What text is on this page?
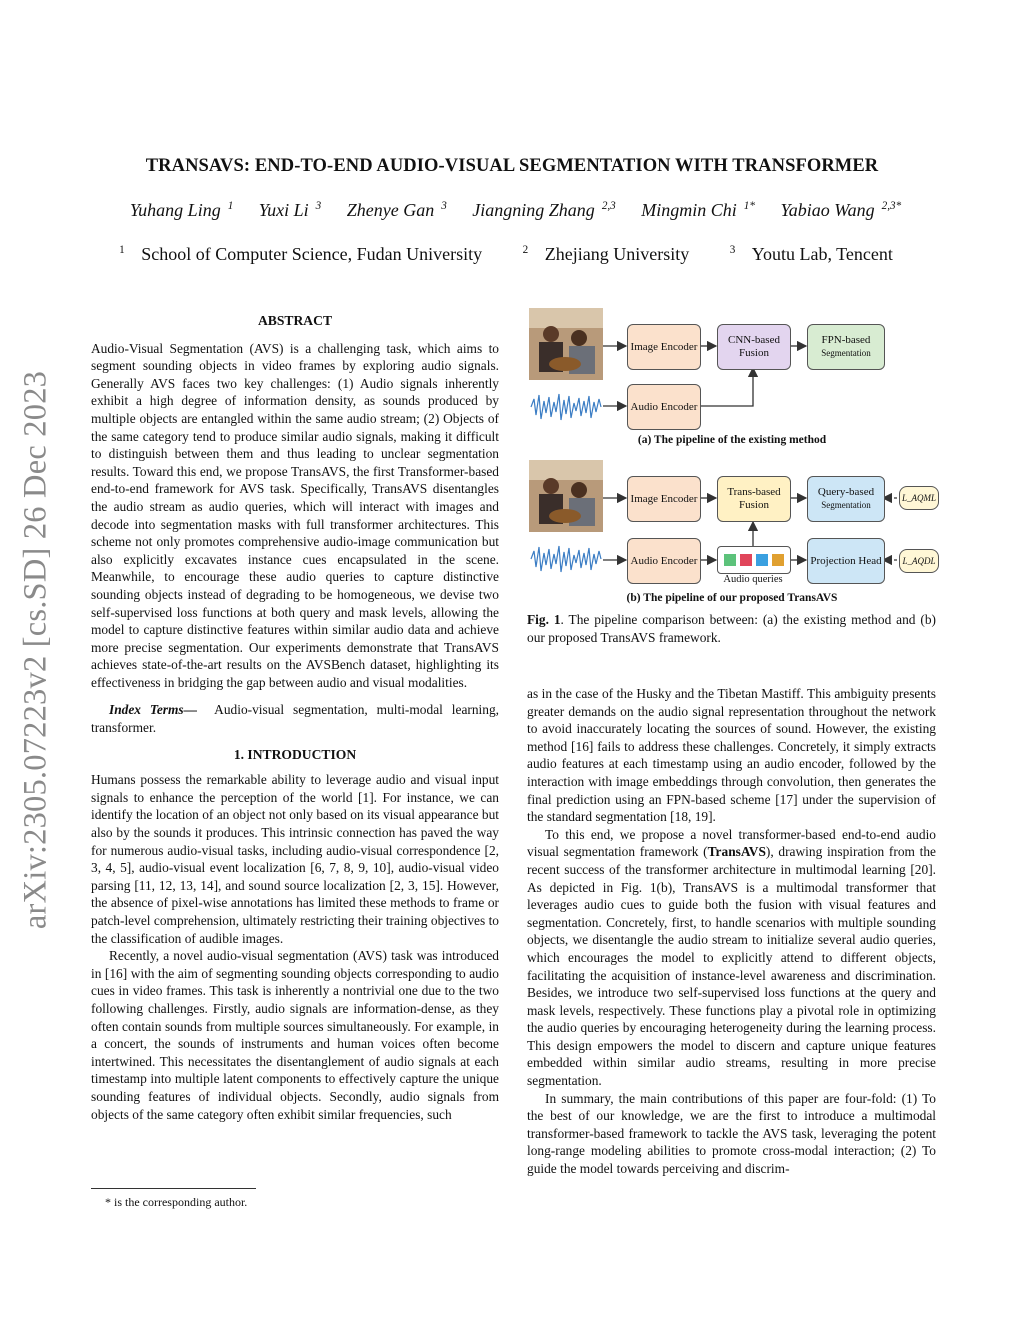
arXiv:2305.07223v2 [cs.SD] 26 Dec 2023
TRANSAVS: END-TO-END AUDIO-VISUAL SEGMENTATION WITH TRANSFORMER
Yuhang Ling $^1$ Yuxi Li $^3$ Zhenye Gan $^3$ Jiangning Zhang $^{2,3}$ Mingmin Chi $^{1*}$ Yabiao Wang $^{2,3*}$
$^1$ School of Computer Science, Fudan University	$^2$ Zhejiang University	$^3$ Youtu Lab, Tencent

ABSTRACT

Audio-Visual Segmentation (AVS) is a challenging task, which aims to segment sounding objects in video frames by exploring audio signals. Generally AVS faces two key challenges: (1) Audio signals inherently exhibit a high degree of information density, as sounds produced by multiple objects are entangled within the same audio stream; (2) Objects of the same category tend to produce similar audio signals, making it difficult to distinguish between them and thus leading to unclear segmentation results. Toward this end, we propose TransAVS, the first Transformer-based end-to-end framework for AVS task. Specifically, TransAVS disentangles the audio stream as audio queries, which will interact with images and decode into segmentation masks with full transformer architectures. This scheme not only promotes comprehensive audio-image communication but also explicitly excavates instance cues encapsulated in the scene. Meanwhile, to encourage these audio queries to capture distinctive sounding objects instead of degrading to be homogeneous, we devise two self-supervised loss functions at both query and mask levels, allowing the model to capture distinctive features within similar audio data and achieve more precise segmentation. Our experiments demonstrate that TransAVS achieves state-of-the-art results on the AVSBench dataset, highlighting its effectiveness in bridging the gap between audio and visual modalities.

Index Terms— Audio-visual segmentation, multi-modal learning, transformer.

1. INTRODUCTION

Humans possess the remarkable ability to leverage audio and visual input signals to enhance the perception of the world [1]. For instance, we can identify the location of an object not only based on its visual appearance but also by the sounds it produces. This intrinsic connection has paved the way for numerous audio-visual tasks, including audio-visual correspondence [2, 3, 4, 5], audio-visual event localization [6, 7, 8, 9, 10], audio-visual video parsing [11, 12, 13, 14], and sound source localization [2, 3, 15]. However, the absence of pixel-wise annotations has limited these methods to frame or patch-level comprehension, ultimately restricting their training objectives to the classification of audible images.

Recently, a novel audio-visual segmentation (AVS) task was introduced in [16] with the aim of segmenting sounding objects corresponding to audio cues in video frames. This task is inherently a nontrivial one due to the two following challenges. Firstly, audio signals are information-dense, as they often contain sounds from multiple sources simultaneously. For example, in a concert, the sounds of instruments and human voices often become intertwined. This necessitates the disentanglement of audio signals at each timestamp into multiple latent components to effectively capture the unique sounding features of individual objects. Secondly, audio signals from objects of the same category often exhibit similar frequencies, such

* is the corresponding author.
Image Encoder
CNN-based Fusion
FPN-based
Segmentation
Audio Encoder
(a) The pipeline of the existing method
Image Encoder
Trans-based Fusion
Query-based
Segmentation
Audio Encoder
Audio queries
Projection Head
L_AQML
L_AQDL
(b) The pipeline of our proposed TransAVS

Fig. 1. The pipeline comparison between: (a) the existing method and (b) our proposed TransAVS framework.

as in the case of the Husky and the Tibetan Mastiff. This ambiguity presents greater demands on the audio signal representation throughout the network to avoid inaccurately locating the sources of sound. However, the existing method [16] fails to address these challenges. Concretely, it simply extracts audio features at each timestamp using an audio encoder, followed by the interaction with image embeddings through convolution, then generates the final prediction using an FPN-based scheme [17] under the supervision of the standard segmentation [18, 19].

To this end, we propose a novel transformer-based end-to-end audio visual segmentation framework (TransAVS), drawing inspiration from the recent success of the transformer architecture in multimodal learning [20]. As depicted in Fig. 1(b), TransAVS is a multimodal transformer that leverages audio cues to guide both the fusion with visual features and segmentation. Concretely, first, to handle scenarios with multiple sounding objects, we disentangle the audio stream to initialize several audio queries, which encourages the model to explicitly attend to different objects, facilitating the acquisition of instance-level awareness and discrimination. Besides, we introduce two self-supervised loss functions at the query and mask levels, respectively. These functions play a pivotal role in optimizing the audio queries by encouraging heterogeneity during the learning process. This design empowers the model to discern and capture unique features embedded within similar audio streams, resulting in more precise segmentation.

In summary, the main contributions of this paper are four-fold: (1) To the best of our knowledge, we are the first to introduce a multimodal transformer-based framework to tackle the AVS task, leveraging the potent long-range modeling abilities to promote cross-modal interaction; (2) To guide the model towards perceiving and discrim-
